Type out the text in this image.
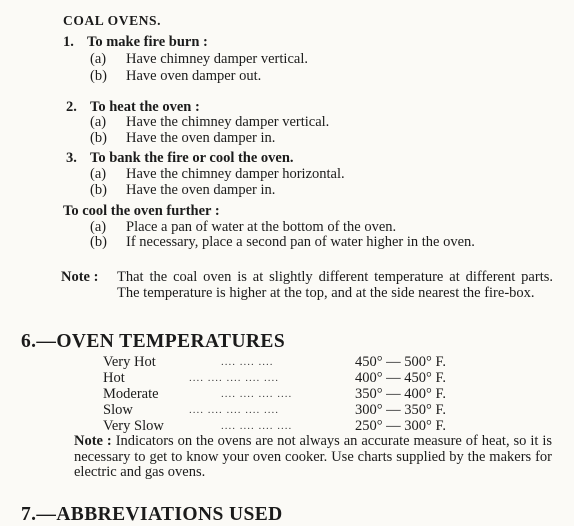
COAL OVENS.
1. To make fire burn :
(a) Have chimney damper vertical.
(b) Have oven damper out.
2. To heat the oven :
(a) Have the chimney damper vertical.
(b) Have the oven damper in.
3. To bank the fire or cool the oven.
(a) Have the chimney damper horizontal.
(b) Have the oven damper in.
To cool the oven further :
(a) Place a pan of water at the bottom of the oven.
(b)	If necessary, place a second pan of water higher in the oven.
Note : That the coal oven is at slightly different temperature at different parts. The temperature is higher at the top, and at the side nearest the fire-box.
6.—OVEN TEMPERATURES
Very Hot	.... .... ....	450° — 500° F.
Hot	.... .... .... .... ....	400° — 450° F.
Moderate	.... .... .... ....	350° — 400° F.
Slow	.... .... .... .... ....	300° — 350° F.
Very Slow	.... .... .... ....	250° — 300° F.
Note : Indicators on the ovens are not always an accurate measure of heat, so it is necessary to get to know your oven cooker. Use charts supplied by the makers for electric and gas ovens.
7.—ABBREVIATIONS USED
